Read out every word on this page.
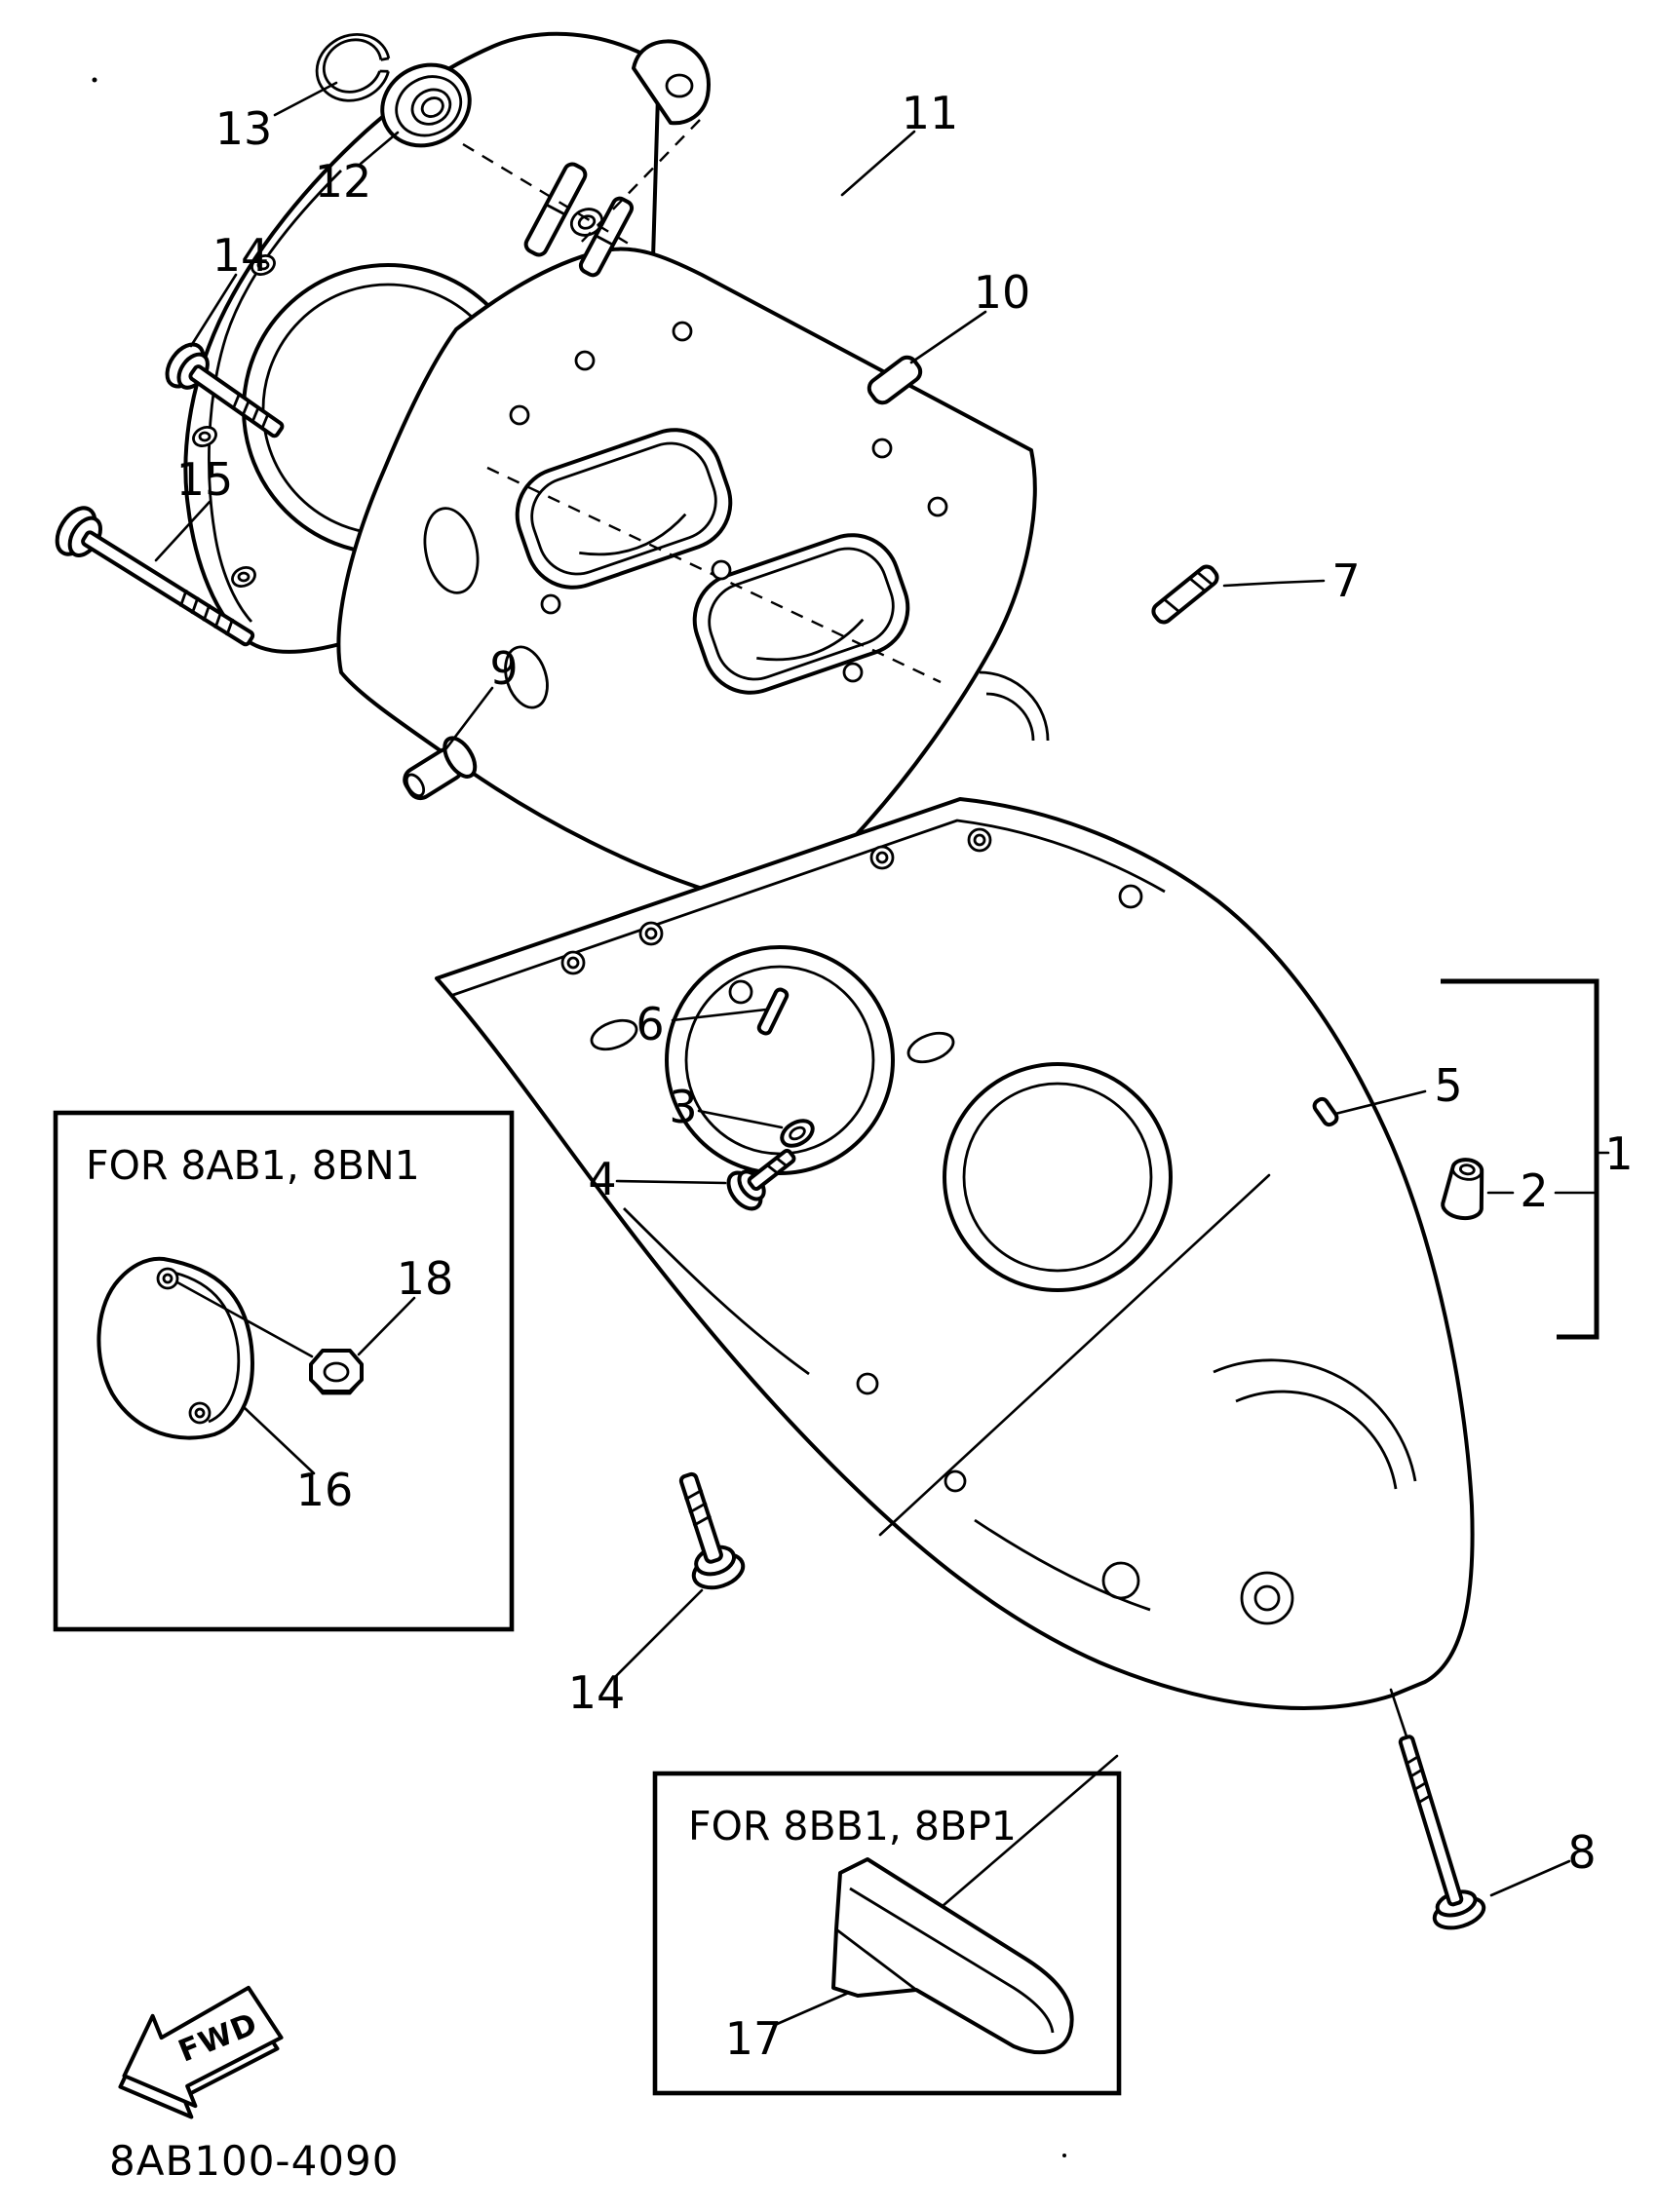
1
2
3
4
5
6
7
8
9
10
11
12
13
14
14
15
16
17
18
FOR 8AB1, 8BN1
FOR 8BB1, 8BP1
FWD
8AB100-4090
